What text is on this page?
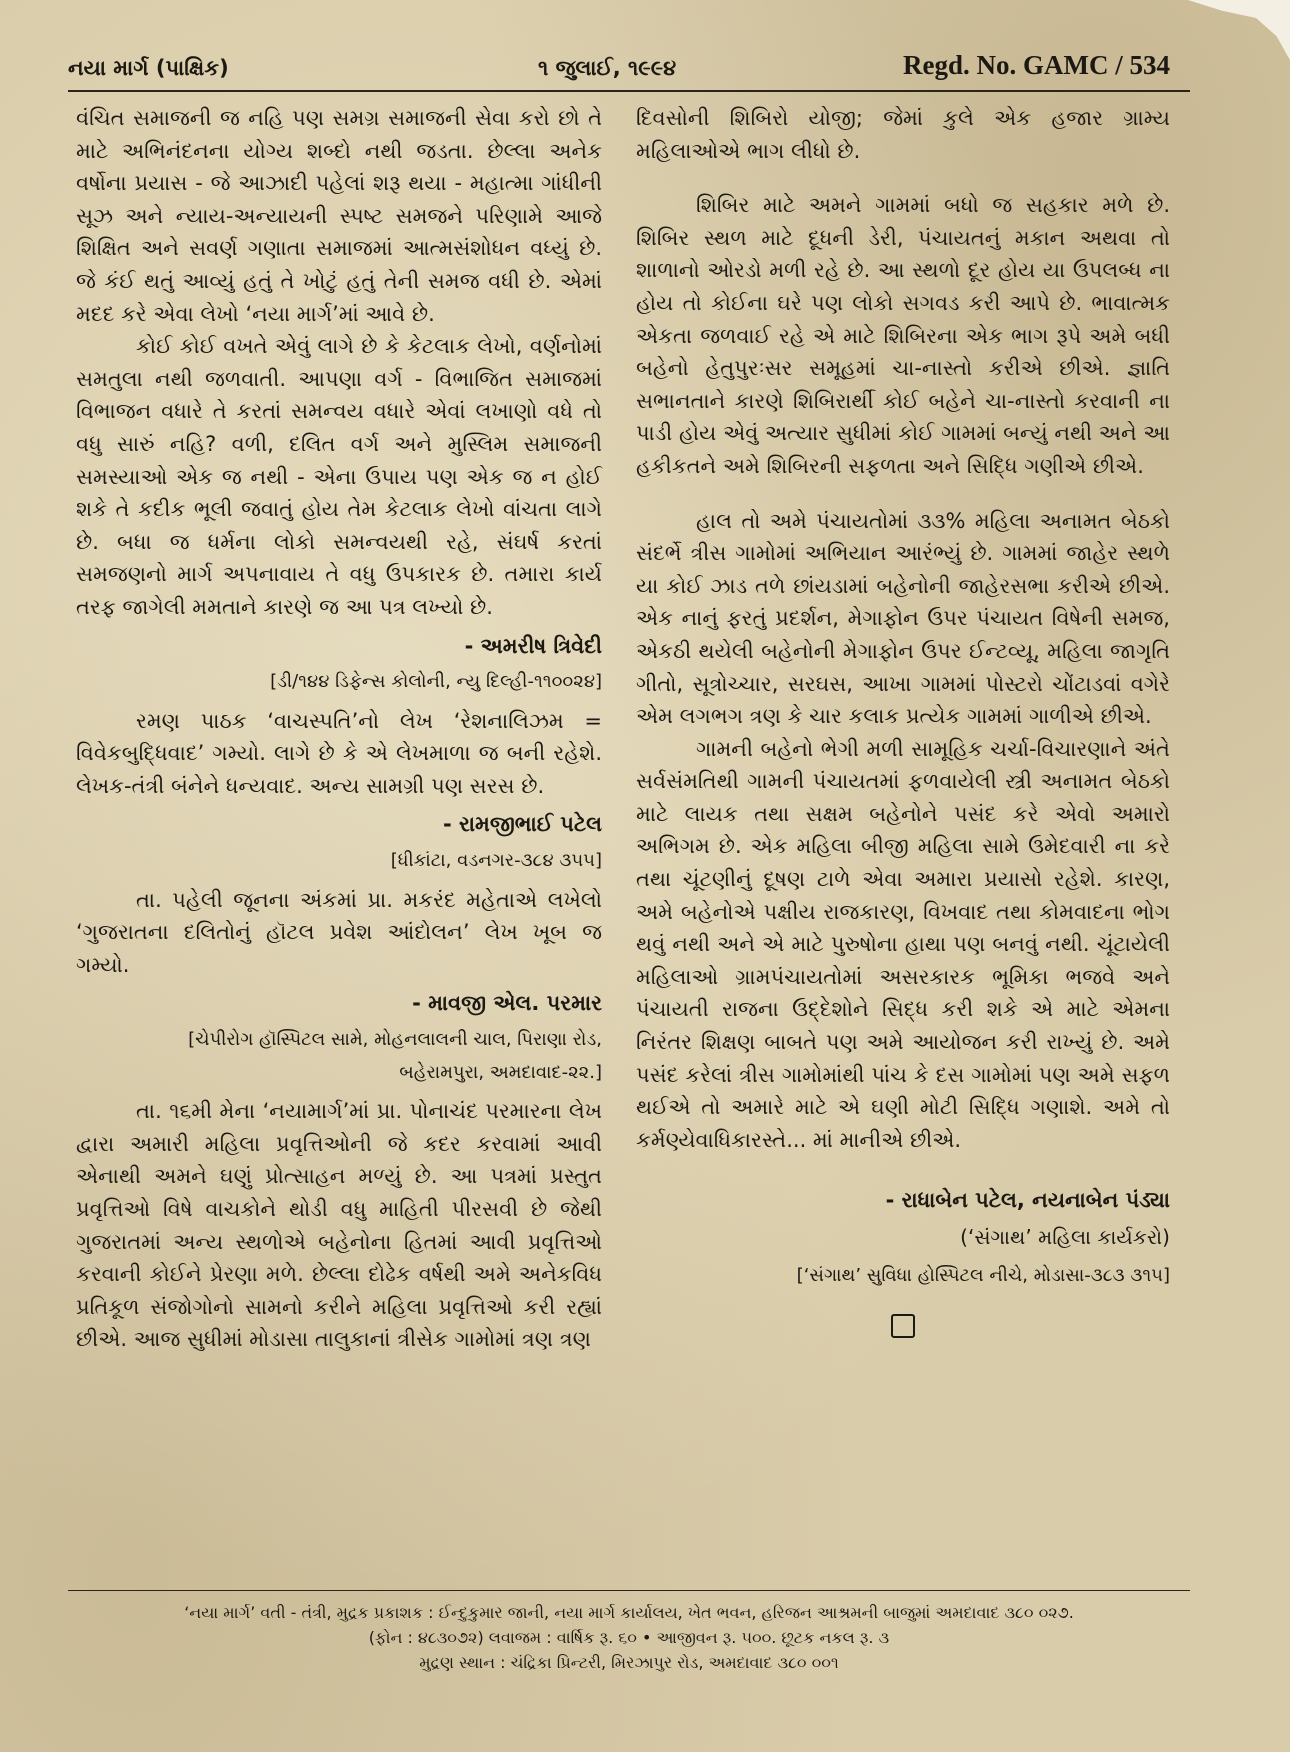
નયા માર્ગ (પાક્ષિક)	૧ જુલાઈ, ૧૯૯૪	Regd. No. GAMC / 534

વંચિત સમાજની જ નહિ પણ સમગ્ર સમાજની સેવા કરો છો તે માટે અભિનંદનના યોગ્ય શબ્દો નથી જડતા. છેલ્લા અનેક વર્ષોના પ્રયાસ - જે આઝાદી પહેલાં શરૂ થયા - મહાત્મા ગાંધીની સૂઝ અને ન્યાય-અન્યાયની સ્પષ્ટ સમજને પરિણામે આજે શિક્ષિત અને સવર્ણ ગણાતા સમાજમાં આત્મસંશોધન વધ્યું છે. જે કંઈ થતું આવ્યું હતું તે ખોટું હતું તેની સમજ વધી છે. એમાં મદદ કરે એવા લેખો ‘નયા માર્ગ’માં આવે છે.

કોઈ કોઈ વખતે એવું લાગે છે કે કેટલાક લેખો, વર્ણનોમાં સમતુલા નથી જળવાતી. આપણા વર્ગ - વિભાજિત સમાજમાં વિભાજન વધારે તે કરતાં સમન્વય વધારે એવાં લખાણો વધે તો વધુ સારું નહિ? વળી, દલિત વર્ગ અને મુસ્લિમ સમાજની સમસ્યાઓ એક જ નથી - એના ઉપાય પણ એક જ ન હોઈ શકે તે કદીક ભૂલી જવાતું હોય તેમ કેટલાક લેખો વાંચતા લાગે છે. બધા જ ધર્મના લોકો સમન્વયથી રહે, સંઘર્ષ કરતાં સમજણનો માર્ગ અપનાવાય તે વધુ ઉપકારક છે. તમારા કાર્ય તરફ જાગેલી મમતાને કારણે જ આ પત્ર લખ્યો છે.

- અમરીષ ત્રિવેદી
[ડી/૧૪૪ ડિફેન્સ કોલોની, ન્યુ દિલ્હી-૧૧૦૦૨૪]

રમણ પાઠક ‘વાચસ્પતિ’નો લેખ ‘રેશનાલિઝમ = વિવેકબુદ્ધિવાદ’ ગમ્યો. લાગે છે કે એ લેખમાળા જ બની રહેશે. લેખક-તંત્રી બંનેને ધન્યવાદ. અન્ય સામગ્રી પણ સરસ છે.

- રામજીભાઈ પટેલ
[ધીકાંટા, વડનગર-૩૮૪ ૩૫૫]

તા. પહેલી જૂનના અંકમાં પ્રા. મકરંદ મહેતાએ લખેલો ‘ગુજરાતના દલિતોનું હૉટલ પ્રવેશ આંદોલન’ લેખ ખૂબ જ ગમ્યો.

- માવજી એલ. પરમાર
[ચેપીરોગ હૉસ્પિટલ સામે, મોહનલાલની ચાલ, પિરાણા રોડ,
બહેરામપુરા, અમદાવાદ-૨૨.]

તા. ૧૬મી મેના ‘નયામાર્ગ’માં પ્રા. પોનાચંદ પરમારના લેખ દ્વારા અમારી મહિલા પ્રવૃત્તિઓની જે કદર કરવામાં આવી એનાથી અમને ઘણું પ્રોત્સાહન મળ્યું છે. આ પત્રમાં પ્રસ્તુત પ્રવૃત્તિઓ વિષે વાચકોને થોડી વધુ માહિતી પીરસવી છે જેથી ગુજરાતમાં અન્ય સ્થળોએ બહેનોના હિતમાં આવી પ્રવૃત્તિઓ કરવાની કોઈને પ્રેરણા મળે. છેલ્લા દોઢેક વર્ષથી અમે અનેકવિધ પ્રતિકૂળ સંજોગોનો સામનો કરીને મહિલા પ્રવૃત્તિઓ કરી રહ્યાં છીએ. આજ સુધીમાં મોડાસા તાલુકાનાં ત્રીસેક ગામોમાં ત્રણ ત્રણ

દિવસોની શિબિરો યોજી; જેમાં કુલે એક હજાર ગ્રામ્ય મહિલાઓએ ભાગ લીધો છે.

શિબિર માટે અમને ગામમાં બધો જ સહકાર મળે છે. શિબિર સ્થળ માટે દૂધની ડેરી, પંચાયતનું મકાન અથવા તો શાળાનો ઓરડો મળી રહે છે. આ સ્થળો દૂર હોય યા ઉપલબ્ધ ના હોય તો કોઈના ઘરે પણ લોકો સગવડ કરી આપે છે. ભાવાત્મક એકતા જળવાઈ રહે એ માટે શિબિરના એક ભાગ રૂપે અમે બધી બહેનો હેતુપુરઃસર સમૂહમાં ચા-નાસ્તો કરીએ છીએ. જ્ઞાતિ સભાનતાને કારણે શિબિરાર્થી કોઈ બહેને ચા-નાસ્તો કરવાની ના પાડી હોય એવું અત્યાર સુધીમાં કોઈ ગામમાં બન્યું નથી અને આ હકીકતને અમે શિબિરની સફળતા અને સિદ્ધિ ગણીએ છીએ.

હાલ તો અમે પંચાયતોમાં ૩૩% મહિલા અનામત બેઠકો સંદર્ભે ત્રીસ ગામોમાં અભિયાન આરંભ્યું છે. ગામમાં જાહેર સ્થળે યા કોઈ ઝાડ તળે છાંયડામાં બહેનોની જાહેરસભા કરીએ છીએ. એક નાનું ફરતું પ્રદર્શન, મેગાફોન ઉપર પંચાયત વિષેની સમજ, એકઠી થયેલી બહેનોની મેગાફોન ઉપર ઈન્ટવ્યૂ, મહિલા જાગૃતિ ગીતો, સૂત્રોચ્ચાર, સરઘસ, આખા ગામમાં પોસ્ટરો ચોંટાડવાં વગેરે એમ લગભગ ત્રણ કે ચાર કલાક પ્રત્યેક ગામમાં ગાળીએ છીએ.

ગામની બહેનો ભેગી મળી સામૂહિક ચર્ચા-વિચારણાને અંતે સર્વસંમતિથી ગામની પંચાયતમાં ફળવાયેલી સ્ત્રી અનામત બેઠકો માટે લાયક તથા સક્ષમ બહેનોને પસંદ કરે એવો અમારો અભિગમ છે. એક મહિલા બીજી મહિલા સામે ઉમેદવારી ના કરે તથા ચૂંટણીનું દૂષણ ટાળે એવા અમારા પ્રયાસો રહેશે. કારણ, અમે બહેનોએ પક્ષીય રાજકારણ, વિખવાદ તથા કોમવાદના ભોગ થવું નથી અને એ માટે પુરુષોના હાથા પણ બનવું નથી. ચૂંટાયેલી મહિલાઓ ગ્રામપંચાયતોમાં અસરકારક ભૂમિકા ભજવે અને પંચાયતી રાજના ઉદ્દેશોને સિદ્ધ કરી શકે એ માટે એમના નિરંતર શિક્ષણ બાબતે પણ અમે આયોજન કરી રાખ્યું છે. અમે પસંદ કરેલાં ત્રીસ ગામોમાંથી પાંચ કે દસ ગામોમાં પણ અમે સફળ થઈએ તો અમારે માટે એ ઘણી મોટી સિદ્ધિ ગણાશે. અમે તો કર્મણ્યેવાધિકારસ્તે... માં માનીએ છીએ.

- રાધાબેન પટેલ, નયનાબેન પંડ્યા
(‘સંગાથ’ મહિલા કાર્યકરો)
[‘સંગાથ’ સુવિધા હોસ્પિટલ નીચે, મોડાસા-૩૮૩ ૩૧૫]
‘નયા માર્ગ’ વતી - તંત્રી, મુદ્રક પ્રકાશક : ઈન્દુકુમાર જાની, નયા માર્ગ કાર્યાલય, ખેત ભવન, હરિજન આશ્રમની બાજુમાં અમદાવાદ ૩૮૦ ૦૨૭.
(ફોન : ૪૮૩૦૭૨) લવાજમ : વાર્ષિક રૂ. ૬૦ • આજીવન રૂ. ૫૦૦. છૂટક નકલ રૂ. ૩
મુદ્રણ સ્થાન : ચંદ્રિકા પ્રિન્ટરી, મિરઝાપુર રોડ, અમદાવાદ ૩૮૦ ૦૦૧
